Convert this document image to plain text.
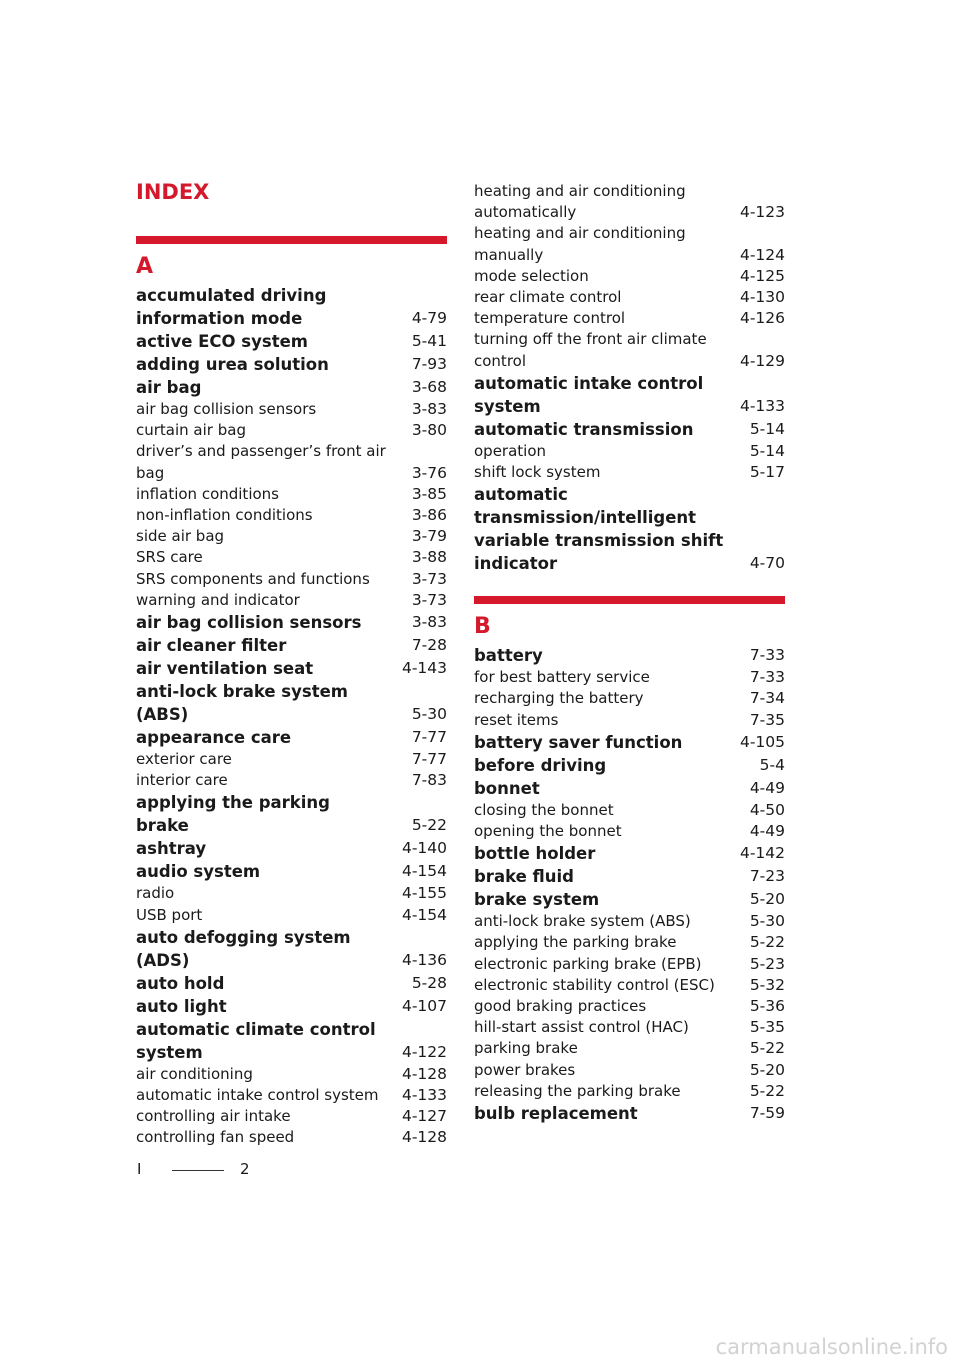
INDEX
A
accumulated driving information mode	4-79
active ECO system	5-41
adding urea solution	7-93
air bag	3-68
air bag collision sensors	3-83
curtain air bag	3-80
driver’s and passenger’s front air bag	3-76
inflation conditions	3-85
non-inflation conditions	3-86
side air bag	3-79
SRS care	3-88
SRS components and functions	3-73
warning and indicator	3-73
air bag collision sensors	3-83
air cleaner filter	7-28
air ventilation seat	4-143
anti-lock brake system (ABS)	5-30
appearance care	7-77
exterior care	7-77
interior care	7-83
applying the parking brake	5-22
ashtray	4-140
audio system	4-154
radio	4-155
USB port	4-154
auto defogging system (ADS)	4-136
auto hold	5-28
auto light	4-107
automatic climate control system	4-122
air conditioning	4-128
automatic intake control system	4-133
controlling air intake	4-127
controlling fan speed	4-128
heating and air conditioning automatically	4-123
heating and air conditioning manually	4-124
mode selection	4-125
rear climate control	4-130
temperature control	4-126
turning off the front air climate control	4-129
automatic intake control system	4-133
automatic transmission	5-14
operation	5-14
shift lock system	5-17
automatic transmission/intelligent variable transmission shift indicator	4-70
B
battery	7-33
for best battery service	7-33
recharging the battery	7-34
reset items	7-35
battery saver function	4-105
before driving	5-4
bonnet	4-49
closing the bonnet	4-50
opening the bonnet	4-49
bottle holder	4-142
brake fluid	7-23
brake system	5-20
anti-lock brake system (ABS)	5-30
applying the parking brake	5-22
electronic parking brake (EPB)	5-23
electronic stability control (ESC)	5-32
good braking practices	5-36
hill-start assist control (HAC)	5-35
parking brake	5-22
power brakes	5-20
releasing the parking brake	5-22
bulb replacement	7-59
I	2
carmanualsonline.info
